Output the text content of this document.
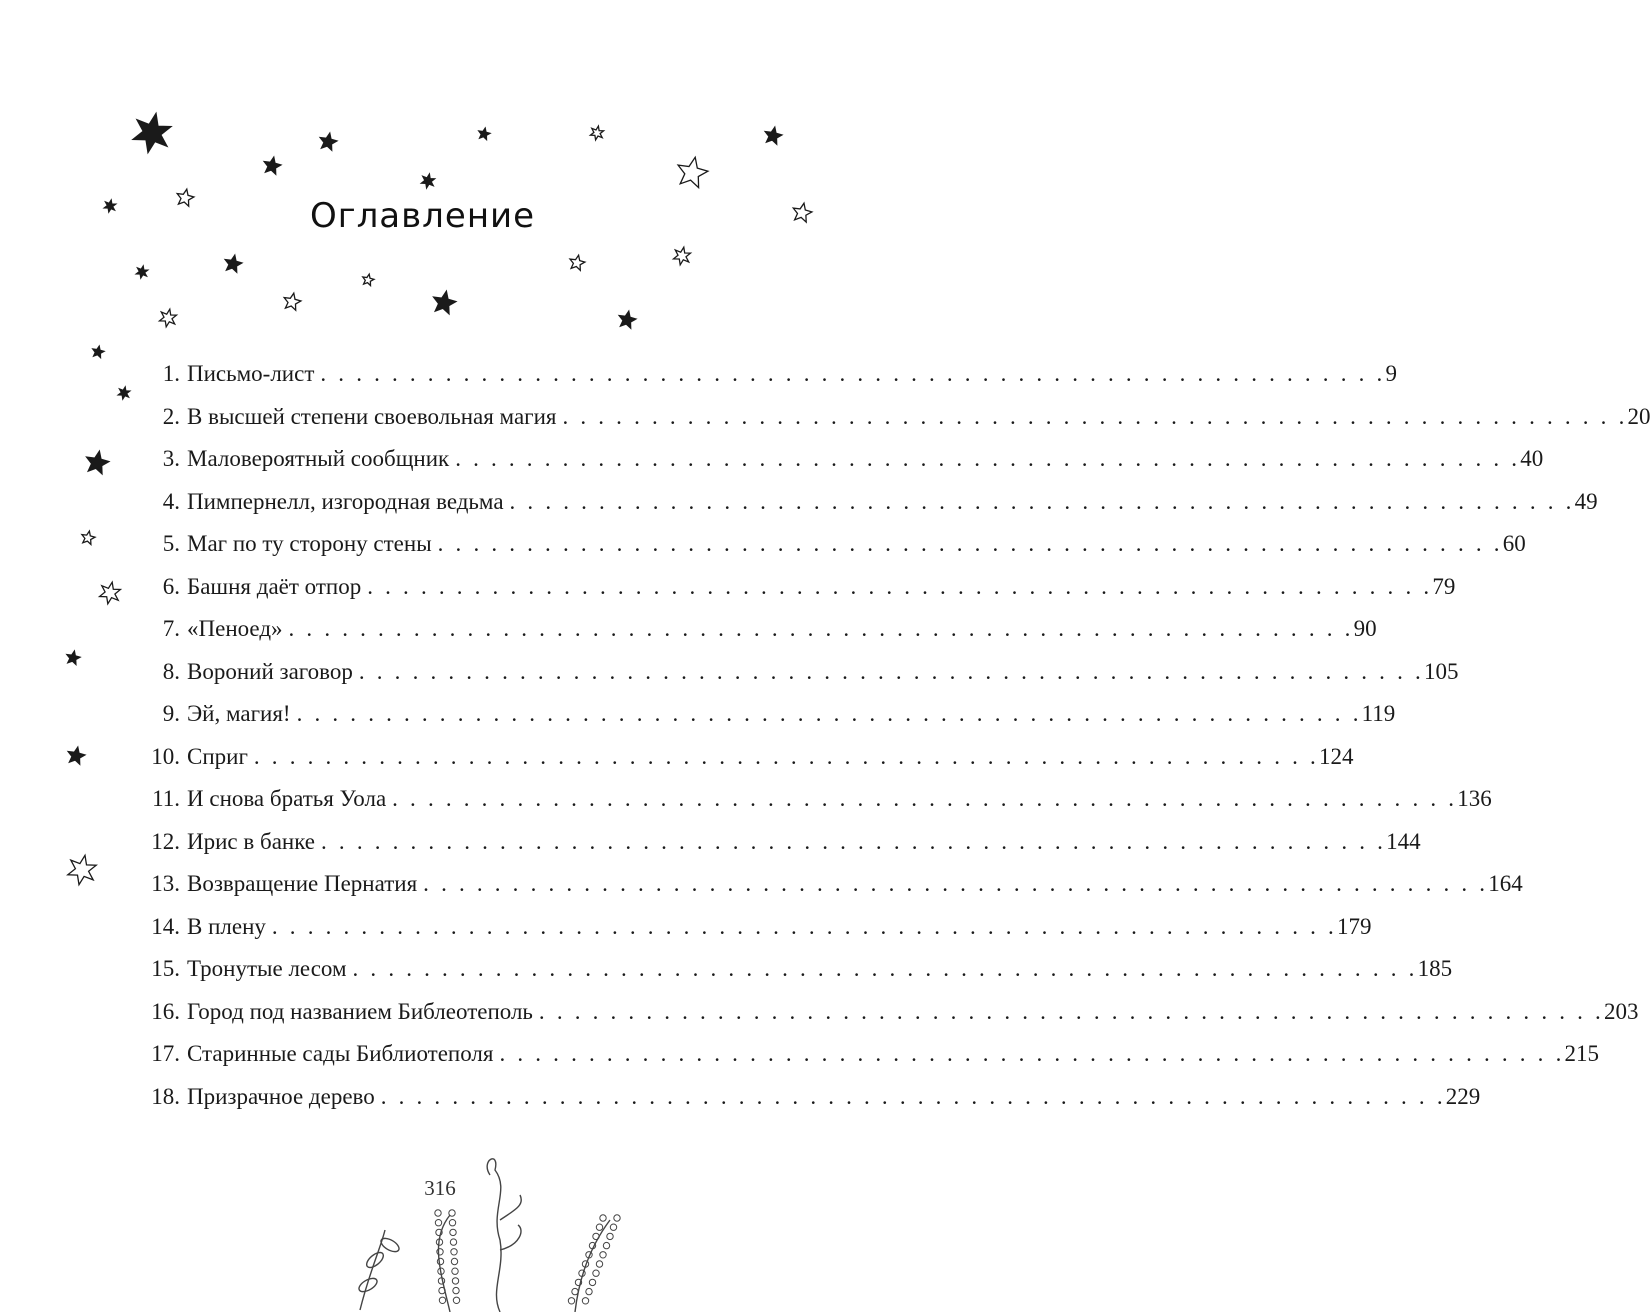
Оглавление
1. Письмо-лист . . . . . . . . . . . . . . . . . . . . . . . . . . . . . . . . . . . . . . . . . . . . . . . . . . . . . . . . . . . . 9
2. В высшей степени своевольная магия . . . . . . . . . . . . . . . . . . . . . . . . . . . . . . . . . . . . . . . . . . . . . . . . . . . . . . . . . . . . 20
3. Маловероятный сообщник . . . . . . . . . . . . . . . . . . . . . . . . . . . . . . . . . . . . . . . . . . . . . . . . . . . . . . . . . . . . 40
4. Пимпернелл, изгородная ведьма . . . . . . . . . . . . . . . . . . . . . . . . . . . . . . . . . . . . . . . . . . . . . . . . . . . . . . . . . . . . 49
5. Маг по ту сторону стены . . . . . . . . . . . . . . . . . . . . . . . . . . . . . . . . . . . . . . . . . . . . . . . . . . . . . . . . . . . . 60
6. Башня даёт отпор . . . . . . . . . . . . . . . . . . . . . . . . . . . . . . . . . . . . . . . . . . . . . . . . . . . . . . . . . . . . 79
7. «Пеноед» . . . . . . . . . . . . . . . . . . . . . . . . . . . . . . . . . . . . . . . . . . . . . . . . . . . . . . . . . . . . 90
8. Вороний заговор . . . . . . . . . . . . . . . . . . . . . . . . . . . . . . . . . . . . . . . . . . . . . . . . . . . . . . . . . . . . 105
9. Эй, магия! . . . . . . . . . . . . . . . . . . . . . . . . . . . . . . . . . . . . . . . . . . . . . . . . . . . . . . . . . . . . 119
10. Сприг . . . . . . . . . . . . . . . . . . . . . . . . . . . . . . . . . . . . . . . . . . . . . . . . . . . . . . . . . . . . 124
11. И снова братья Уола . . . . . . . . . . . . . . . . . . . . . . . . . . . . . . . . . . . . . . . . . . . . . . . . . . . . . . . . . . . . 136
12. Ирис в банке . . . . . . . . . . . . . . . . . . . . . . . . . . . . . . . . . . . . . . . . . . . . . . . . . . . . . . . . . . . . 144
13. Возвращение Пернатия . . . . . . . . . . . . . . . . . . . . . . . . . . . . . . . . . . . . . . . . . . . . . . . . . . . . . . . . . . . . 164
14. В плену . . . . . . . . . . . . . . . . . . . . . . . . . . . . . . . . . . . . . . . . . . . . . . . . . . . . . . . . . . . . 179
15. Тронутые лесом . . . . . . . . . . . . . . . . . . . . . . . . . . . . . . . . . . . . . . . . . . . . . . . . . . . . . . . . . . . . 185
16. Город под названием Библеотеполь . . . . . . . . . . . . . . . . . . . . . . . . . . . . . . . . . . . . . . . . . . . . . . . . . . . . . . . . . . . . 203
17. Старинные сады Библиотеполя . . . . . . . . . . . . . . . . . . . . . . . . . . . . . . . . . . . . . . . . . . . . . . . . . . . . . . . . . . . . 215
18. Призрачное дерево . . . . . . . . . . . . . . . . . . . . . . . . . . . . . . . . . . . . . . . . . . . . . . . . . . . . . . . . . . . . 229
316
